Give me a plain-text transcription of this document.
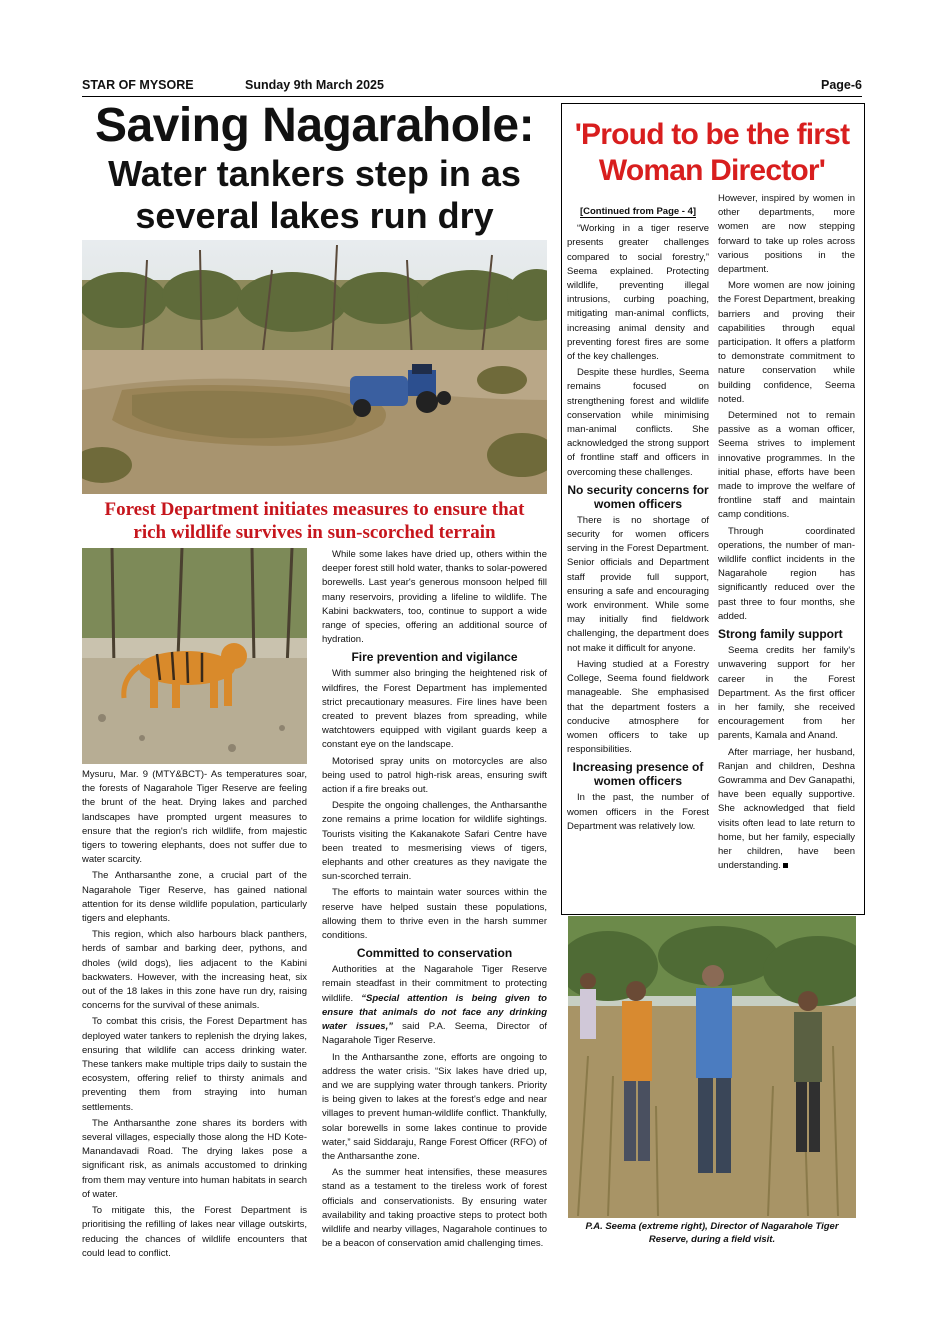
STAR OF MYSORE	Sunday 9th March 2025	Page-6
Saving Nagarahole:
Water tankers step in as
several lakes run dry
Forest Department initiates measures to ensure that
rich wildlife survives in sun-scorched terrain

Mysuru, Mar. 9 (MTY&BCT)- As temperatures soar, the forests of Nagarahole Tiger Reserve are feeling the brunt of the heat. Drying lakes and parched landscapes have prompted urgent measures to ensure that the region's rich wildlife, from majestic tigers to towering elephants, does not suffer due to water scarcity.

The Antharsanthe zone, a crucial part of the Nagarahole Tiger Reserve, has gained national attention for its dense wildlife population, particularly tigers and elephants.

This region, which also harbours black panthers, herds of sambar and barking deer, pythons, and dholes (wild dogs), lies adjacent to the Kabini backwaters. However, with the increasing heat, six out of the 18 lakes in this zone have run dry, raising concerns for the survival of these animals.

To combat this crisis, the Forest Department has deployed water tankers to replenish the drying lakes, ensuring that wildlife can access drinking water. These tankers make multiple trips daily to sustain the ecosystem, offering relief to thirsty animals and preventing them from straying into human settlements.

The Antharsanthe zone shares its borders with several villages, especially those along the HD Kote-Manandavadi Road. The drying lakes pose a significant risk, as animals accustomed to drinking from them may venture into human habitats in search of water.

To mitigate this, the Forest Department is prioritising the refilling of lakes near village outskirts, reducing the chances of wildlife encounters that could lead to conflict.

While some lakes have dried up, others within the deeper forest still hold water, thanks to solar-powered borewells. Last year's generous monsoon helped fill many reservoirs, providing a lifeline to wildlife. The Kabini backwaters, too, continue to support a wide range of species, offering an additional source of hydration.

Fire prevention and vigilance

With summer also bringing the heightened risk of wildfires, the Forest Department has implemented strict precautionary measures. Fire lines have been created to prevent blazes from spreading, while watchtowers equipped with vigilant guards keep a constant eye on the landscape.

Motorised spray units on motorcycles are also being used to patrol high-risk areas, ensuring swift action if a fire breaks out.

Despite the ongoing challenges, the Antharsanthe zone remains a prime location for wildlife sightings. Tourists visiting the Kakanakote Safari Centre have been treated to mesmerising views of tigers, elephants and other creatures as they navigate the sun-scorched terrain.

The efforts to maintain water sources within the reserve have helped sustain these populations, allowing them to thrive even in the harsh summer conditions.

Committed to conservation

Authorities at the Nagarahole Tiger Reserve remain steadfast in their commitment to protecting wildlife. “Special attention is being given to ensure that animals do not face any drinking water issues,” said P.A. Seema, Director of Nagarahole Tiger Reserve.

In the Antharsanthe zone, efforts are ongoing to address the water crisis. “Six lakes have dried up, and we are supplying water through tankers. Priority is being given to lakes at the forest's edge and near villages to prevent human-wildlife conflict. Thankfully, solar borewells in some lakes continue to provide water,” said Siddaraju, Range Forest Officer (RFO) of the Antharsanthe zone.

As the summer heat intensifies, these measures stand as a testament to the tireless work of forest officials and conservationists. By ensuring water availability and taking proactive steps to protect both wildlife and nearby villages, Nagarahole continues to be a beacon of conservation amid challenging times.

'Proud to be the first
Woman Director'
[Continued from Page - 4]

“Working in a tiger reserve presents greater challenges compared to social forestry,” Seema explained. Protecting wildlife, preventing illegal intrusions, curbing poaching, mitigating man-animal conflicts, increasing animal density and preventing forest fires are some of the key challenges.

Despite these hurdles, Seema remains focused on strengthening forest and wildlife conservation while minimising man-animal conflicts. She acknowledged the strong support of frontline staff and officers in overcoming these challenges.

No security concerns for women officers

There is no shortage of security for women officers serving in the Forest Department. Senior officials and Department staff provide full support, ensuring a safe and encouraging work environment. While some may initially find fieldwork challenging, the department does not make it difficult for anyone.

Having studied at a Forestry College, Seema found fieldwork manageable. She emphasised that the department fosters a conducive atmosphere for women officers to take up responsibilities.

Increasing presence of women officers

In the past, the number of women officers in the Forest Department was relatively low.

However, inspired by women in other departments, more women are now stepping forward to take up roles across various positions in the department.

More women are now joining the Forest Department, breaking barriers and proving their capabilities through equal participation. It offers a platform to demonstrate commitment to nature conservation while building confidence, Seema noted.

Determined not to remain passive as a woman officer, Seema strives to implement innovative programmes. In the initial phase, efforts have been made to improve the welfare of frontline staff and maintain camp conditions.

Through coordinated operations, the number of man-wildlife conflict incidents in the Nagarahole region has significantly reduced over the past three to four months, she added.

Strong family support

Seema credits her family's unwavering support for her career in the Forest Department. As the first officer in her family, she received encouragement from her parents, Kamala and Anand.

After marriage, her husband, Ranjan and children, Deshna Gowramma and Dev Ganapathi, have been equally supportive. She acknowledged that field visits often lead to late return to home, but her family, especially her children, have been understanding.

P.A. Seema (extreme right), Director of Nagarahole Tiger Reserve, during a field visit.
